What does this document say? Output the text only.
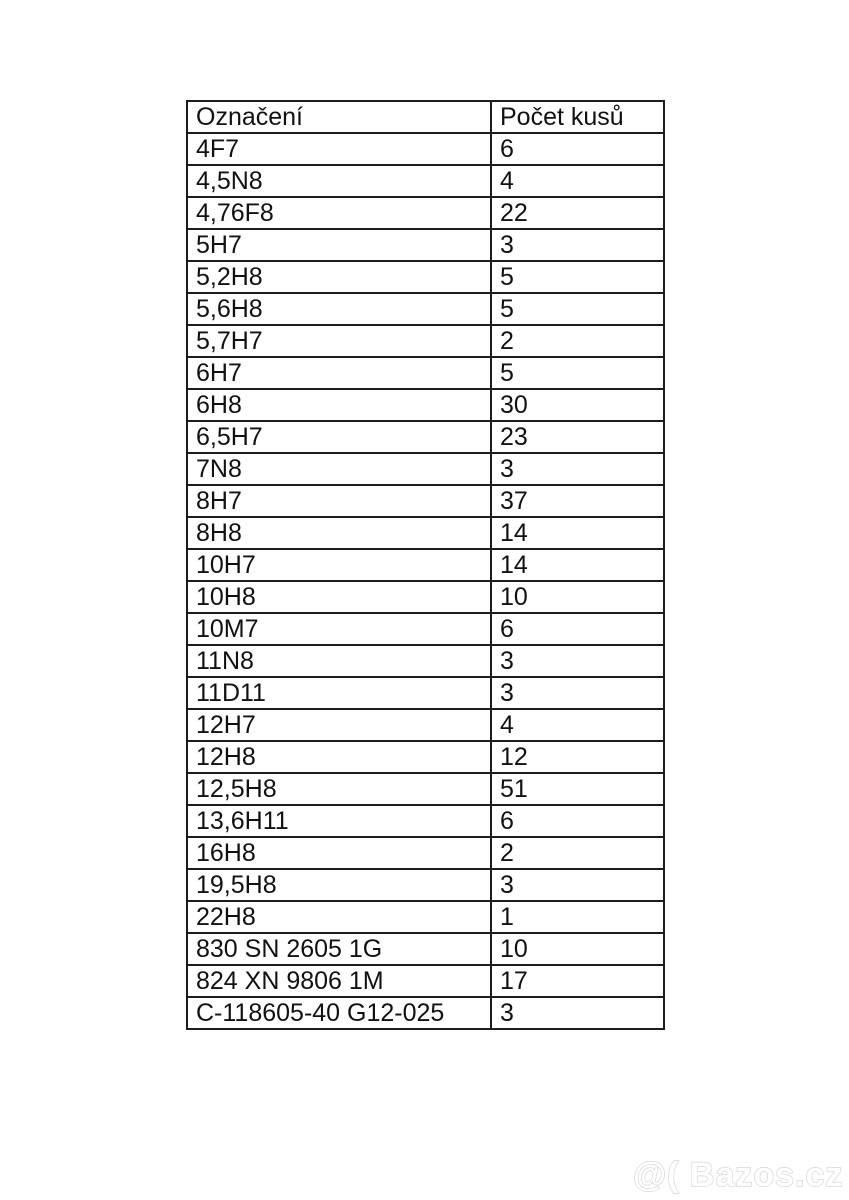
Označení	Počet kusů
4F7	6
4,5N8	4
4,76F8	22
5H7	3
5,2H8	5
5,6H8	5
5,7H7	2
6H7	5
6H8	30
6,5H7	23
7N8	3
8H7	37
8H8	14
10H7	14
10H8	10
10M7	6
11N8	3
11D11	3
12H7	4
12H8	12
12,5H8	51
13,6H11	6
16H8	2
19,5H8	3
22H8	1
830 SN 2605 1G	10
824 XN 9806 1M	17
C-118605-40 G12-025	3
@( Bazos.cz
